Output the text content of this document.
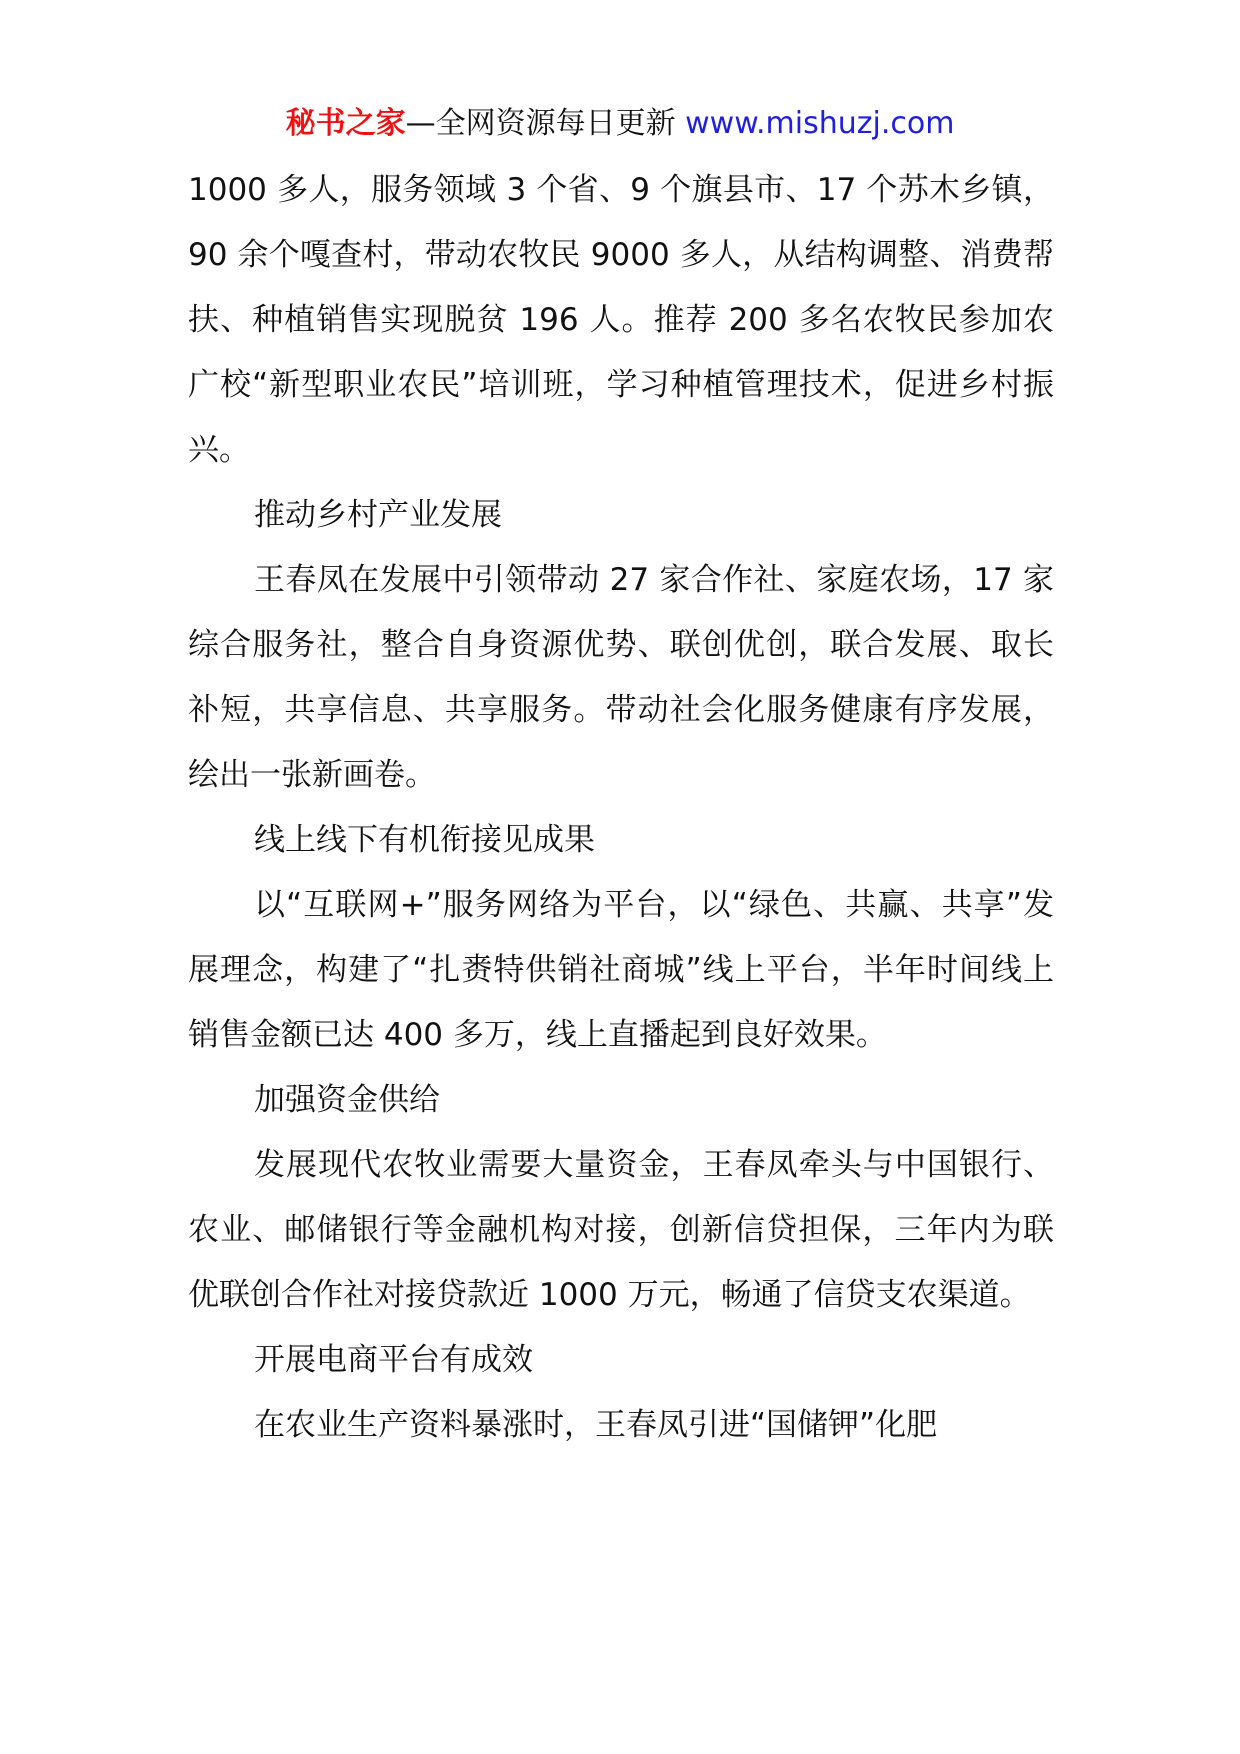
秘书之家—全网资源每日更新 www.mishuzj.com

1000 多人，服务领域 3 个省、9 个旗县市、17 个苏木乡镇，90 余个嘎查村，带动农牧民 9000 多人，从结构调整、消费帮扶、种植销售实现脱贫 196 人。推荐 200 多名农牧民参加农广校“新型职业农民”培训班，学习种植管理技术，促进乡村振兴。

推动乡村产业发展

王春凤在发展中引领带动 27 家合作社、家庭农场，17 家综合服务社，整合自身资源优势、联创优创，联合发展、取长补短，共享信息、共享服务。带动社会化服务健康有序发展，绘出一张新画卷。

线上线下有机衔接见成果

以“互联网+”服务网络为平台，以“绿色、共赢、共享”发展理念，构建了“扎赉特供销社商城”线上平台，半年时间线上销售金额已达 400 多万，线上直播起到良好效果。

加强资金供给

发展现代农牧业需要大量资金，王春凤牵头与中国银行、农业、邮储银行等金融机构对接，创新信贷担保，三年内为联优联创合作社对接贷款近 1000 万元，畅通了信贷支农渠道。

开展电商平台有成效

在农业生产资料暴涨时，王春凤引进“国储钾”化肥
